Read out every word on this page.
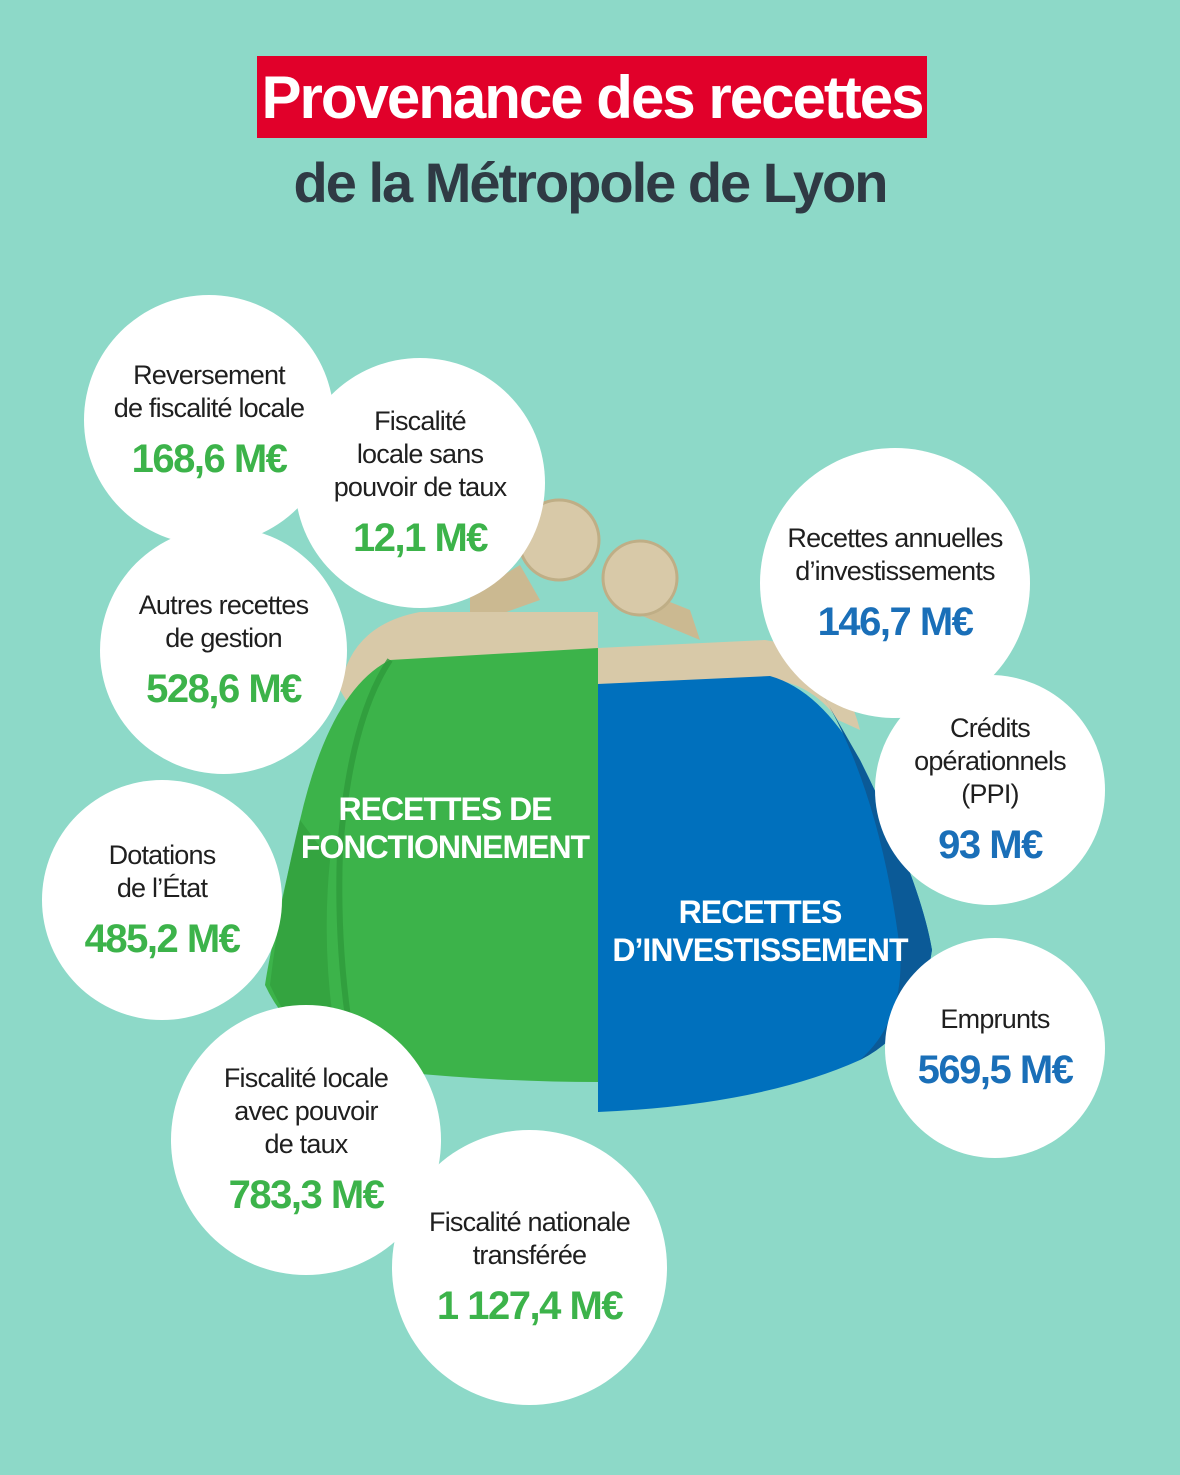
Provenance des recettes
de la Métropole de Lyon
RECETTES DE
FONCTIONNEMENT
RECETTES
D’INVESTISSEMENT
Reversement
de fiscalité locale
168,6 M€
Fiscalité
locale sans
pouvoir de taux
12,1 M€
Autres recettes
de gestion
528,6 M€
Dotations
de l’État
485,2 M€
Fiscalité locale
avec pouvoir
de taux
783,3 M€
Fiscalité nationale
transférée
1 127,4 M€
Recettes annuelles
d’investissements
146,7 M€
Crédits
opérationnels
(PPI)
93 M€
Emprunts
569,5 M€
